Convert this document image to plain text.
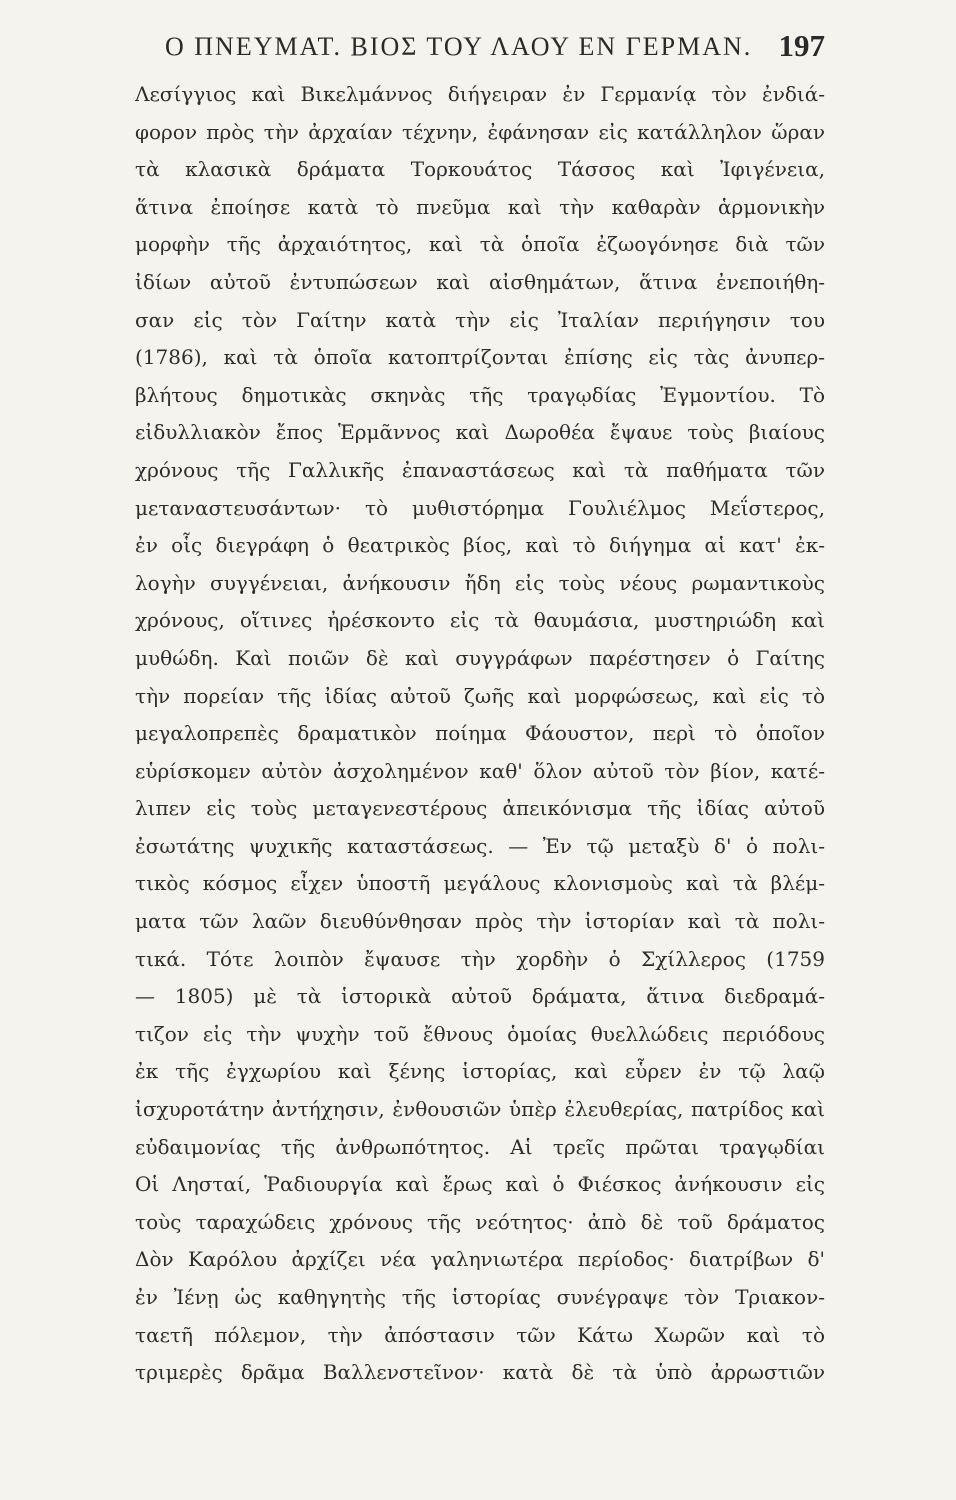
Ο ΠΝΕΥΜΑΤ. ΒΙΟΣ ΤΟΥ ΛΑΟΥ ΕΝ ΓΕΡΜΑΝ. 197
Λεσίγγιος καὶ Βικελμάννος διήγειραν ἐν Γερμανίᾳ τὸν ἐνδιά-
φορον πρὸς τὴν ἀρχαίαν τέχνην, ἐφάνησαν εἰς κατάλληλον ὥραν
τὰ κλασικὰ δράματα Τορκουάτος Τάσσος καὶ Ἰφιγένεια,
ἅτινα ἐποίησε κατὰ τὸ πνεῦμα καὶ τὴν καθαρὰν ἁρμονικὴν
μορφὴν τῆς ἀρχαιότητος, καὶ τὰ ὁποῖα ἐζωογόνησε διὰ τῶν
ἰδίων αὐτοῦ ἐντυπώσεων καὶ αἰσθημάτων, ἅτινα ἐνεποιήθη-
σαν εἰς τὸν Γαίτην κατὰ τὴν εἰς Ἰταλίαν περιήγησιν του
(1786), καὶ τὰ ὁποῖα κατοπτρίζονται ἐπίσης εἰς τὰς ἀνυπερ-
βλήτους δημοτικὰς σκηνὰς τῆς τραγῳδίας Ἐγμοντίου. Τὸ
εἰδυλλιακὸν ἔπος Ἑρμᾶννος καὶ Δωροθέα ἔψαυε τοὺς βιαίους
χρόνους τῆς Γαλλικῆς ἐπαναστάσεως καὶ τὰ παθήματα τῶν
μεταναστευσάντων· τὸ μυθιστόρημα Γουλιέλμος Μεΐστερος,
ἐν οἷς διεγράφη ὁ θεατρικὸς βίος, καὶ τὸ διήγημα αἱ κατ' ἐκ-
λογὴν συγγένειαι, ἀνήκουσιν ἤδη εἰς τοὺς νέους ρωμαντικοὺς
χρόνους, οἵτινες ἠρέσκοντο εἰς τὰ θαυμάσια, μυστηριώδη καὶ
μυθώδη. Καὶ ποιῶν δὲ καὶ συγγράφων παρέστησεν ὁ Γαίτης
τὴν πορείαν τῆς ἰδίας αὐτοῦ ζωῆς καὶ μορφώσεως, καὶ εἰς τὸ
μεγαλοπρεπὲς δραματικὸν ποίημα Φάουστον, περὶ τὸ ὁποῖον
εὑρίσκομεν αὐτὸν ἀσχολημένον καθ' ὅλον αὐτοῦ τὸν βίον, κατέ-
λιπεν εἰς τοὺς μεταγενεστέρους ἀπεικόνισμα τῆς ἰδίας αὐτοῦ
ἐσωτάτης ψυχικῆς καταστάσεως. — Ἐν τῷ μεταξὺ δ' ὁ πολι-
τικὸς κόσμος εἶχεν ὑποστῆ μεγάλους κλονισμοὺς καὶ τὰ βλέμ-
ματα τῶν λαῶν διευθύνθησαν πρὸς τὴν ἱστορίαν καὶ τὰ πολι-
τικά. Τότε λοιπὸν ἔψαυσε τὴν χορδὴν ὁ Σχίλλερος (1759
— 1805) μὲ τὰ ἱστορικὰ αὐτοῦ δράματα, ἅτινα διεδραμά-
τιζον εἰς τὴν ψυχὴν τοῦ ἔθνους ὁμοίας θυελλώδεις περιόδους
ἐκ τῆς ἐγχωρίου καὶ ξένης ἱστορίας, καὶ εὗρεν ἐν τῷ λαῷ
ἰσχυροτάτην ἀντήχησιν, ἐνθουσιῶν ὑπὲρ ἐλευθερίας, πατρίδος καὶ
εὐδαιμονίας τῆς ἀνθρωπότητος. Αἱ τρεῖς πρῶται τραγῳδίαι
Οἱ Λησταί, Ῥαδιουργία καὶ ἔρως καὶ ὁ Φιέσκος ἀνήκουσιν εἰς
τοὺς ταραχώδεις χρόνους τῆς νεότητος· ἀπὸ δὲ τοῦ δράματος
Δὸν Καρόλου ἀρχίζει νέα γαληνιωτέρα περίοδος· διατρίβων δ'
ἐν Ἰένῃ ὡς καθηγητὴς τῆς ἱστορίας συνέγραψε τὸν Τριακον-
ταετῆ πόλεμον, τὴν ἀπόστασιν τῶν Κάτω Χωρῶν καὶ τὸ
τριμερὲς δρᾶμα Βαλλενστεῖνον· κατὰ δὲ τὰ ὑπὸ ἀρρωστιῶν
